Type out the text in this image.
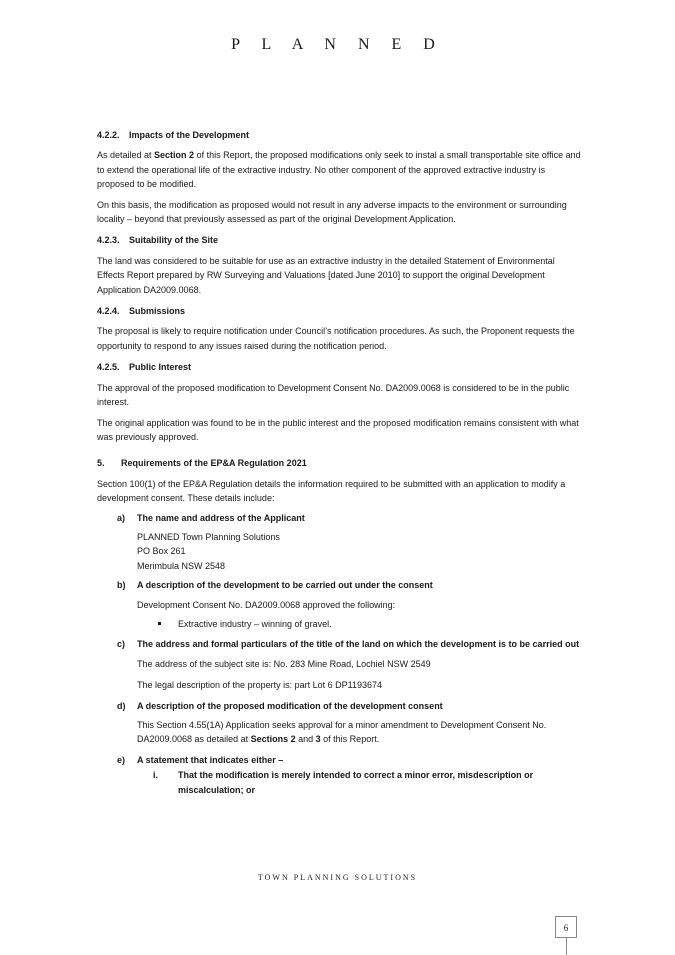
P L A N N E D
4.2.2. Impacts of the Development

As detailed at Section 2 of this Report, the proposed modifications only seek to instal a small transportable site office and to extend the operational life of the extractive industry. No other component of the approved extractive industry is proposed to be modified.

On this basis, the modification as proposed would not result in any adverse impacts to the environment or surrounding locality – beyond that previously assessed as part of the original Development Application.

4.2.3. Suitability of the Site

The land was considered to be suitable for use as an extractive industry in the detailed Statement of Environmental Effects Report prepared by RW Surveying and Valuations [dated June 2010] to support the original Development Application DA2009.0068.

4.2.4. Submissions

The proposal is likely to require notification under Council’s notification procedures. As such, the Proponent requests the opportunity to respond to any issues raised during the notification period.

4.2.5. Public Interest

The approval of the proposed modification to Development Consent No. DA2009.0068 is considered to be in the public interest.

The original application was found to be in the public interest and the proposed modification remains consistent with what was previously approved.

5. Requirements of the EP&A Regulation 2021

Section 100(1) of the EP&A Regulation details the information required to be submitted with an application to modify a development consent. These details include:

a) The name and address of the Applicant
PLANNED Town Planning Solutions
PO Box 261
Merimbula NSW 2548
b) A description of the development to be carried out under the consent
Development Consent No. DA2009.0068 approved the following:
Extractive industry – winning of gravel.
c) The address and formal particulars of the title of the land on which the development is to be carried out
The address of the subject site is: No. 283 Mine Road, Lochiel NSW 2549
The legal description of the property is: part Lot 6 DP1193674
d) A description of the proposed modification of the development consent
This Section 4.55(1A) Application seeks approval for a minor amendment to Development Consent No. DA2009.0068 as detailed at Sections 2 and 3 of this Report.
e) A statement that indicates either –
i. That the modification is merely intended to correct a minor error, misdescription or miscalculation; or
TOWN PLANNING SOLUTIONS
6
